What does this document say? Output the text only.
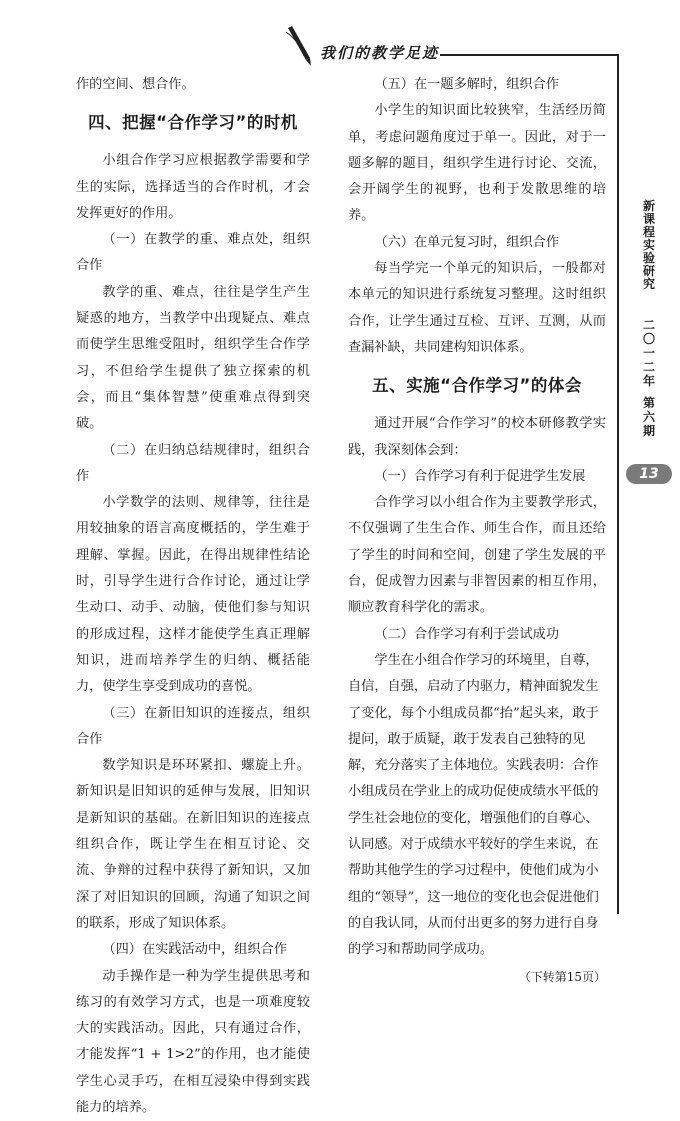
我们的教学足迹

作的空间、想合作。

四、把握“合作学习”的时机

小组合作学习应根据教学需要和学生的实际，选择适当的合作时机，才会发挥更好的作用。

（一）在教学的重、难点处，组织合作

教学的重、难点，往往是学生产生疑惑的地方，当教学中出现疑点、难点而使学生思维受阻时，组织学生合作学习，不但给学生提供了独立探索的机会，而且“集体智慧”使重难点得到突破。

（二）在归纳总结规律时，组织合作

小学数学的法则、规律等，往往是用较抽象的语言高度概括的，学生难于理解、掌握。因此，在得出规律性结论时，引导学生进行合作讨论，通过让学生动口、动手、动脑，使他们参与知识的形成过程，这样才能使学生真正理解知识，进而培养学生的归纳、概括能力，使学生享受到成功的喜悦。

（三）在新旧知识的连接点，组织合作

数学知识是环环紧扣、螺旋上升。新知识是旧知识的延伸与发展，旧知识是新知识的基础。在新旧知识的连接点组织合作，既让学生在相互讨论、交流、争辩的过程中获得了新知识，又加深了对旧知识的回顾，沟通了知识之间的联系，形成了知识体系。

（四）在实践活动中，组织合作

动手操作是一种为学生提供思考和练习的有效学习方式，也是一项难度较大的实践活动。因此，只有通过合作，才能发挥“1 + 1>2”的作用，也才能使学生心灵手巧，在相互浸染中得到实践能力的培养。

（五）在一题多解时，组织合作

小学生的知识面比较狭窄，生活经历简单，考虑问题角度过于单一。因此，对于一题多解的题目，组织学生进行讨论、交流，会开阔学生的视野，也利于发散思维的培养。

（六）在单元复习时，组织合作

每当学完一个单元的知识后，一般都对本单元的知识进行系统复习整理。这时组织合作，让学生通过互检、互评、互测，从而查漏补缺，共同建构知识体系。

五、实施“合作学习”的体会

通过开展“合作学习”的校本研修教学实践，我深刻体会到：

（一）合作学习有利于促进学生发展

合作学习以小组合作为主要教学形式，不仅强调了生生合作、师生合作，而且还给了学生的时间和空间，创建了学生发展的平台，促成智力因素与非智因素的相互作用，顺应教育科学化的需求。

（二）合作学习有利于尝试成功

学生在小组合作学习的环境里，自尊，自信，自强，启动了内驱力，精神面貌发生了变化，每个小组成员都“抬”起头来，敢于提问，敢于质疑，敢于发表自己独特的见解，充分落实了主体地位。实践表明：合作小组成员在学业上的成功促使成绩水平低的学生社会地位的变化，增强他们的自尊心、认同感。对于成绩水平较好的学生来说，在帮助其他学生的学习过程中，使他们成为小组的“领导”，这一地位的变化也会促进他们的自我认同，从而付出更多的努力进行自身的学习和帮助同学成功。
（下转第15页）

新
课
程
实
验
研
究
二
〇
一
二
年
第
六
期
13
